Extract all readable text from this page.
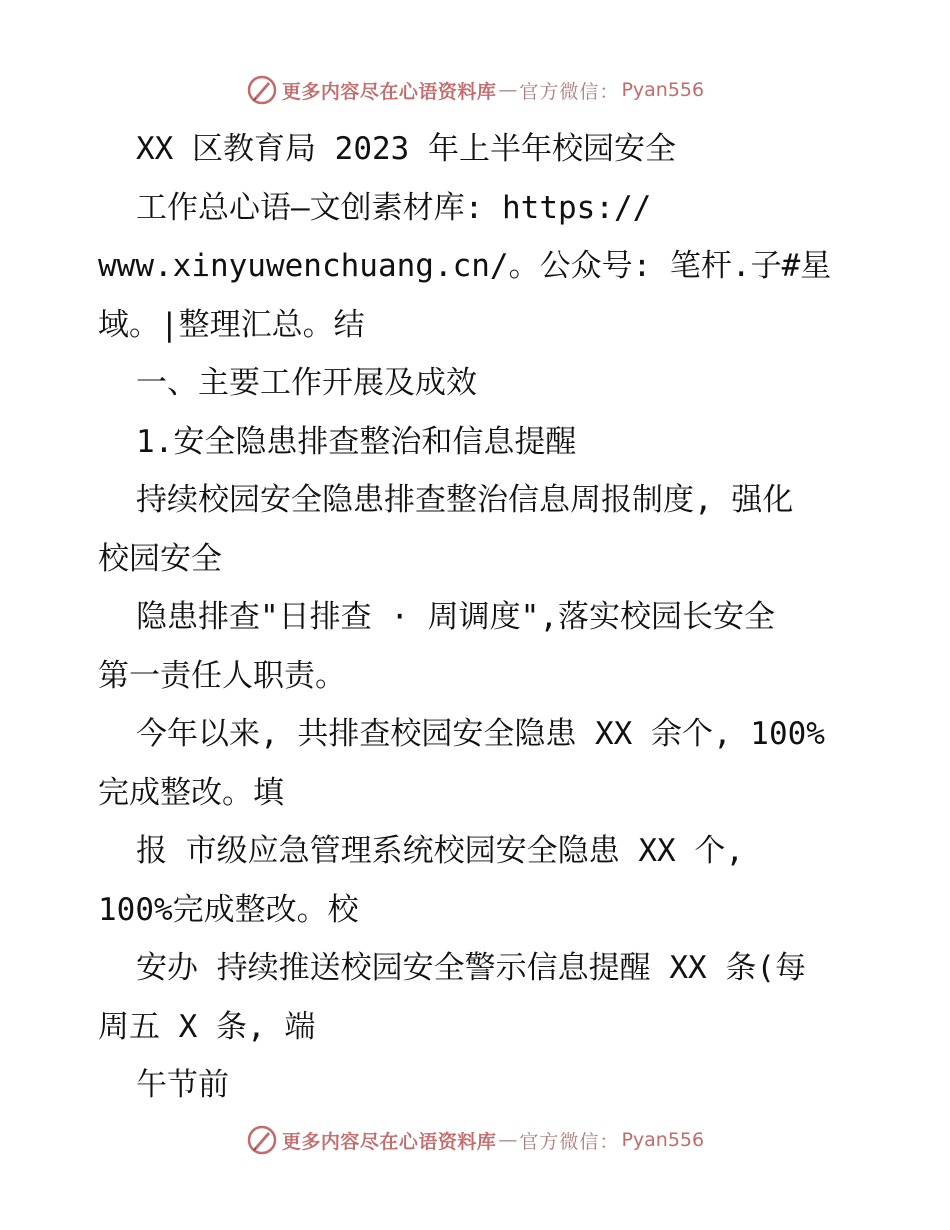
更多内容尽在心语资料库 — 官方微信： Pyan556

XX 区教育局 2023 年上半年校园安全

工作总心语—文创素材库: https://

www.xinyuwenchuang.cn/。公众号: 笔杆.子#星

域。|整理汇总。结

一、主要工作开展及成效

1.安全隐患排查整治和信息提醒

持续校园安全隐患排查整治信息周报制度, 强化

校园安全

隐患排查"日排查 · 周调度",落实校园长安全

第一责任人职责。

今年以来, 共排查校园安全隐患 XX 余个, 100%

完成整改。填

报 市级应急管理系统校园安全隐患 XX 个,

100%完成整改。校

安办 持续推送校园安全警示信息提醒 XX 条(每

周五 X 条, 端

午节前

更多内容尽在心语资料库 — 官方微信： Pyan556
